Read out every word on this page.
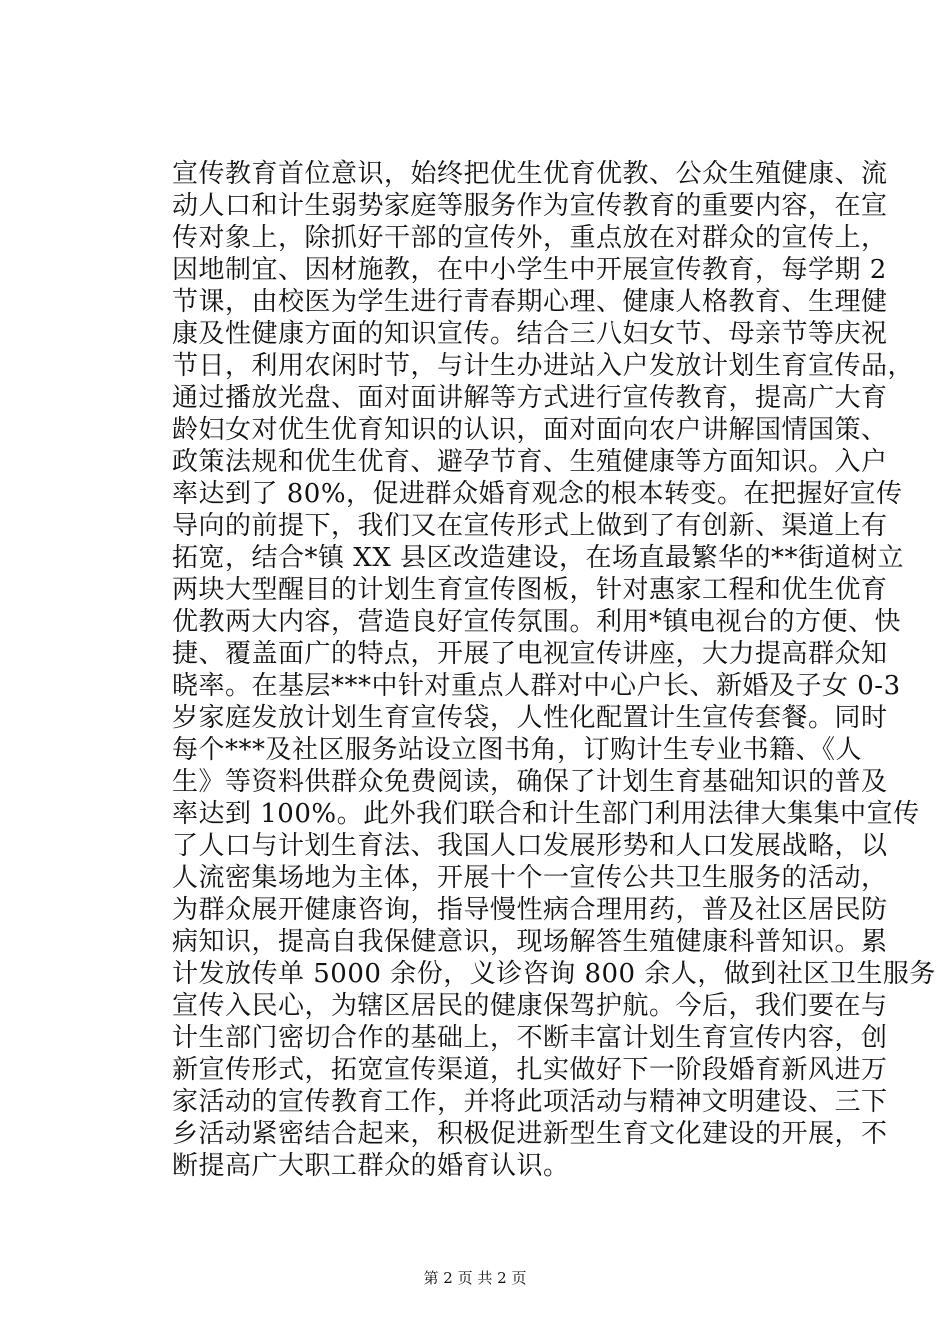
宣传教育首位意识，始终把优生优育优教、公众生殖健康、流
动人口和计生弱势家庭等服务作为宣传教育的重要内容，在宣
传对象上，除抓好干部的宣传外，重点放在对群众的宣传上，
因地制宜、因材施教，在中小学生中开展宣传教育，每学期 2
节课，由校医为学生进行青春期心理、健康人格教育、生理健
康及性健康方面的知识宣传。结合三八妇女节、母亲节等庆祝
节日，利用农闲时节，与计生办进站入户发放计划生育宣传品，
通过播放光盘、面对面讲解等方式进行宣传教育，提高广大育
龄妇女对优生优育知识的认识，面对面向农户讲解国情国策、
政策法规和优生优育、避孕节育、生殖健康等方面知识。入户
率达到了 80%，促进群众婚育观念的根本转变。在把握好宣传
导向的前提下，我们又在宣传形式上做到了有创新、渠道上有
拓宽，结合*镇 XX 县区改造建设，在场直最繁华的**街道树立
两块大型醒目的计划生育宣传图板，针对惠家工程和优生优育
优教两大内容，营造良好宣传氛围。利用*镇电视台的方便、快
捷、覆盖面广的特点，开展了电视宣传讲座，大力提高群众知
晓率。在基层***中针对重点人群对中心户长、新婚及子女 0-3
岁家庭发放计划生育宣传袋，人性化配置计生宣传套餐。同时
每个***及社区服务站设立图书角，订购计生专业书籍、《人
生》等资料供群众免费阅读，确保了计划生育基础知识的普及
率达到 100%。此外我们联合和计生部门利用法律大集集中宣传
了人口与计划生育法、我国人口发展形势和人口发展战略，以
人流密集场地为主体，开展十个一宣传公共卫生服务的活动，
为群众展开健康咨询，指导慢性病合理用药，普及社区居民防
病知识，提高自我保健意识，现场解答生殖健康科普知识。累
计发放传单 5000 余份，义诊咨询 800 余人，做到社区卫生服务
宣传入民心，为辖区居民的健康保驾护航。今后，我们要在与
计生部门密切合作的基础上，不断丰富计划生育宣传内容，创
新宣传形式，拓宽宣传渠道，扎实做好下一阶段婚育新风进万
家活动的宣传教育工作，并将此项活动与精神文明建设、三下
乡活动紧密结合起来，积极促进新型生育文化建设的开展，不
断提高广大职工群众的婚育认识。
第 2 页 共 2 页
